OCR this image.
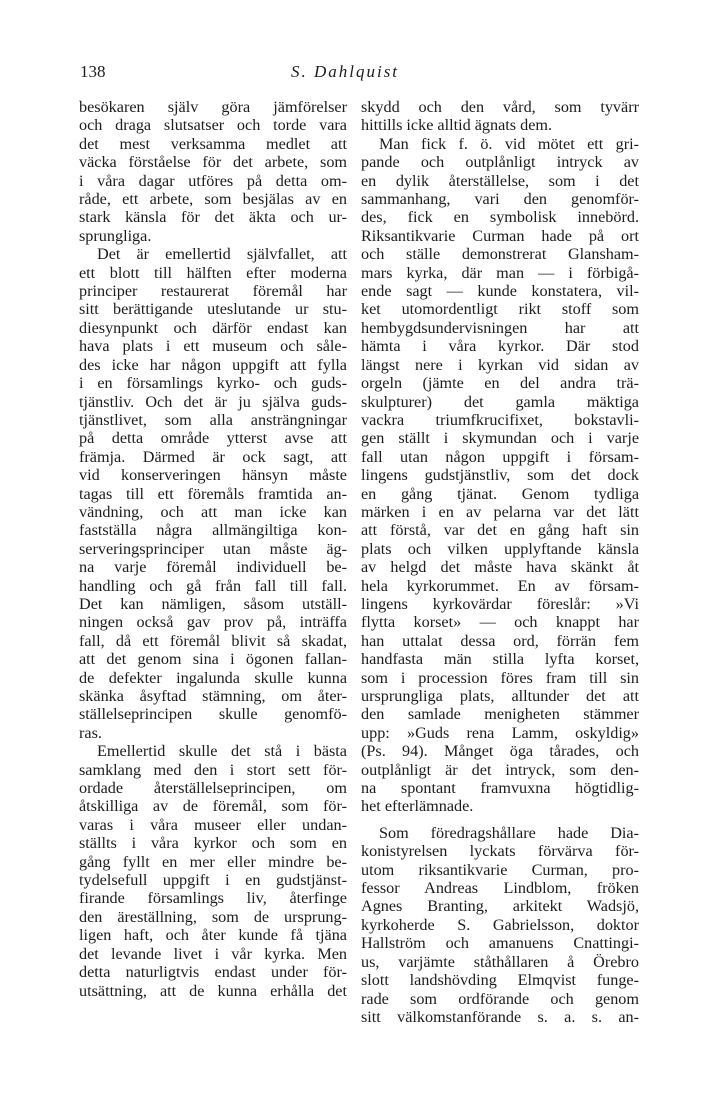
138	S. Dahlquist
besökaren själv göra jämförelser
och draga slutsatser och torde vara
det mest verksamma medlet att
väcka förståelse för det arbete, som
i våra dagar utföres på detta om-
råde, ett arbete, som besjälas av en
stark känsla för det äkta och ur-
sprungliga.
Det är emellertid självfallet, att
ett blott till hälften efter moderna
principer restaurerat föremål har
sitt berättigande uteslutande ur stu-
diesynpunkt och därför endast kan
hava plats i ett museum och såle-
des icke har någon uppgift att fylla
i en församlings kyrko- och guds-
tjänstliv. Och det är ju själva guds-
tjänstlivet, som alla ansträngningar
på detta område ytterst avse att
främja. Därmed är ock sagt, att
vid konserveringen hänsyn måste
tagas till ett föremåls framtida an-
vändning, och att man icke kan
fastställa några allmängiltiga kon-
serveringsprinciper utan måste äg-
na varje föremål individuell be-
handling och gå från fall till fall.
Det kan nämligen, såsom utställ-
ningen också gav prov på, inträffa
fall, då ett föremål blivit så skadat,
att det genom sina i ögonen fallan-
de defekter ingalunda skulle kunna
skänka åsyftad stämning, om åter-
ställelseprincipen skulle genomfö-
ras.
Emellertid skulle det stå i bästa
samklang med den i stort sett för-
ordade återställelseprincipen, om
åtskilliga av de föremål, som för-
varas i våra museer eller undan-
ställts i våra kyrkor och som en
gång fyllt en mer eller mindre be-
tydelsefull uppgift i en gudstjänst-
firande församlings liv, återfinge
den äreställning, som de ursprung-
ligen haft, och åter kunde få tjäna
det levande livet i vår kyrka. Men
detta naturligtvis endast under för-
utsättning, att de kunna erhålla det
skydd och den vård, som tyvärr
hittills icke alltid ägnats dem.
Man fick f. ö. vid mötet ett gri-
pande och outplånligt intryck av
en dylik återställelse, som i det
sammanhang, vari den genomför-
des, fick en symbolisk innebörd.
Riksantikvarie Curman hade på ort
och ställe demonstrerat Glansham-
mars kyrka, där man — i förbigå-
ende sagt — kunde konstatera, vil-
ket utomordentligt rikt stoff som
hembygdsundervisningen har att
hämta i våra kyrkor. Där stod
längst nere i kyrkan vid sidan av
orgeln (jämte en del andra trä-
skulpturer) det gamla mäktiga
vackra triumfkrucifixet, bokstavli-
gen ställt i skymundan och i varje
fall utan någon uppgift i försam-
lingens gudstjänstliv, som det dock
en gång tjänat. Genom tydliga
märken i en av pelarna var det lätt
att förstå, var det en gång haft sin
plats och vilken upplyftande känsla
av helgd det måste hava skänkt åt
hela kyrkorummet. En av försam-
lingens kyrkovärdar föreslår: »Vi
flytta korset» — och knappt har
han uttalat dessa ord, förrän fem
handfasta män stilla lyfta korset,
som i procession föres fram till sin
ursprungliga plats, alltunder det att
den samlade menigheten stämmer
upp: »Guds rena Lamm, oskyldig»
(Ps. 94). Månget öga tårades, och
outplånligt är det intryck, som den-
na spontant framvuxna högtidlig-
het efterlämnade.
Som föredragshållare hade Dia-
konistyrelsen lyckats förvärva för-
utom riksantikvarie Curman, pro-
fessor Andreas Lindblom, fröken
Agnes Branting, arkitekt Wadsjö,
kyrkoherde S. Gabrielsson, doktor
Hallström och amanuens Cnattingi-
us, varjämte ståthållaren å Örebro
slott landshövding Elmqvist funge-
rade som ordförande och genom
sitt välkomstanförande s. a. s. an-
